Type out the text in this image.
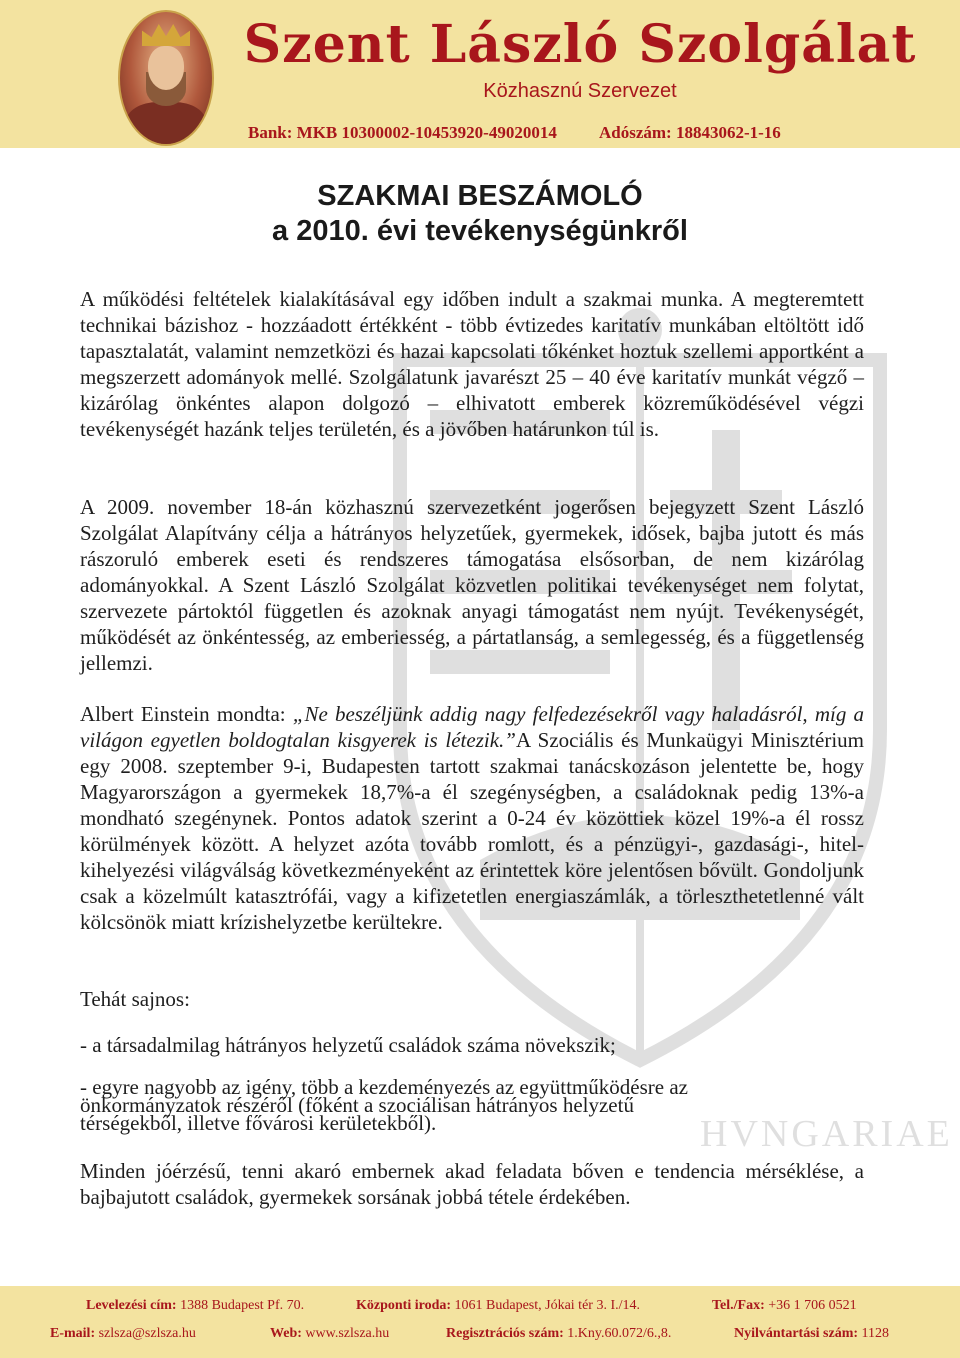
Szent László Szolgálat
Közhasznú Szervezet
Bank: MKB 10300002-10453920-49020014 Adószám: 18843062-1-16
HVNGARIAE
SZAKMAI BESZÁMOLÓ
a 2010. évi tevékenységünkről

A működési feltételek kialakításával egy időben indult a szakmai munka. A megteremtett technikai bázishoz - hozzáadott értékként - több évtizedes karitatív munkában eltöltött idő tapasztalatát, valamint nemzetközi és hazai kapcsolati tőkénket hoztuk szellemi apportként a megszerzett adományok mellé. Szolgálatunk javarészt 25 – 40 éve karitatív munkát végző – kizárólag önkéntes alapon dolgozó – elhivatott emberek közreműködésével végzi tevékenységét hazánk teljes területén, és a jövőben határunkon túl is.

A 2009. november 18-án közhasznú szervezetként jogerősen bejegyzett Szent László Szolgálat Alapítvány célja a hátrányos helyzetűek, gyermekek, idősek, bajba jutott és más rászoruló emberek eseti és rendszeres támogatása elsősorban, de nem kizárólag adományokkal. A Szent László Szolgálat közvetlen politikai tevékenységet nem folytat, szervezete pártoktól független és azoknak anyagi támogatást nem nyújt. Tevékenységét, működését az önkéntesség, az emberiesség, a pártatlanság, a semlegesség, és a függetlenség jellemzi.

Albert Einstein mondta: „Ne beszéljünk addig nagy felfedezésekről vagy haladásról, míg a világon egyetlen boldogtalan kisgyerek is létezik.”A Szociális és Munkaügyi Minisztérium egy 2008. szeptember 9-i, Budapesten tartott szakmai tanácskozáson jelentette be, hogy Magyarországon a gyermekek 18,7%-a él szegénységben, a családoknak pedig 13%-a mondható szegénynek. Pontos adatok szerint a 0-24 év közöttiek közel 19%-a él rossz körülmények között. A helyzet azóta tovább romlott, és a pénzügyi-, gazdasági-, hitel-kihelyezési világválság következményeként az érintettek köre jelentősen bővült. Gondoljunk csak a közelmúlt katasztrófái, vagy a kifizetetlen energiaszámlák, a törleszthetetlenné vált kölcsönök miatt krízishelyzetbe kerültekre.

Tehát sajnos:

- a társadalmilag hátrányos helyzetű családok száma növekszik;

- egyre nagyobb az igény, több a kezdeményezés az együttműködésre az önkormányzatok részéről (főként a szociálisan hátrányos helyzetű térségekből, illetve fővárosi kerületekből).

Minden jóérzésű, tenni akaró embernek akad feladata bőven e tendencia mérséklése, a bajbajutott családok, gyermekek sorsának jobbá tétele érdekében.

Levelezési cím: 1388 Budapest Pf. 70.	Központi iroda: 1061 Budapest, Jókai tér 3. I./14.	Tel./Fax: +36 1 706 0521
E-mail: szlsza@szlsza.hu	Web: www.szlsza.hu	Regisztrációs szám: 1.Kny.60.072/6.,8.	Nyilvántartási szám: 1128
